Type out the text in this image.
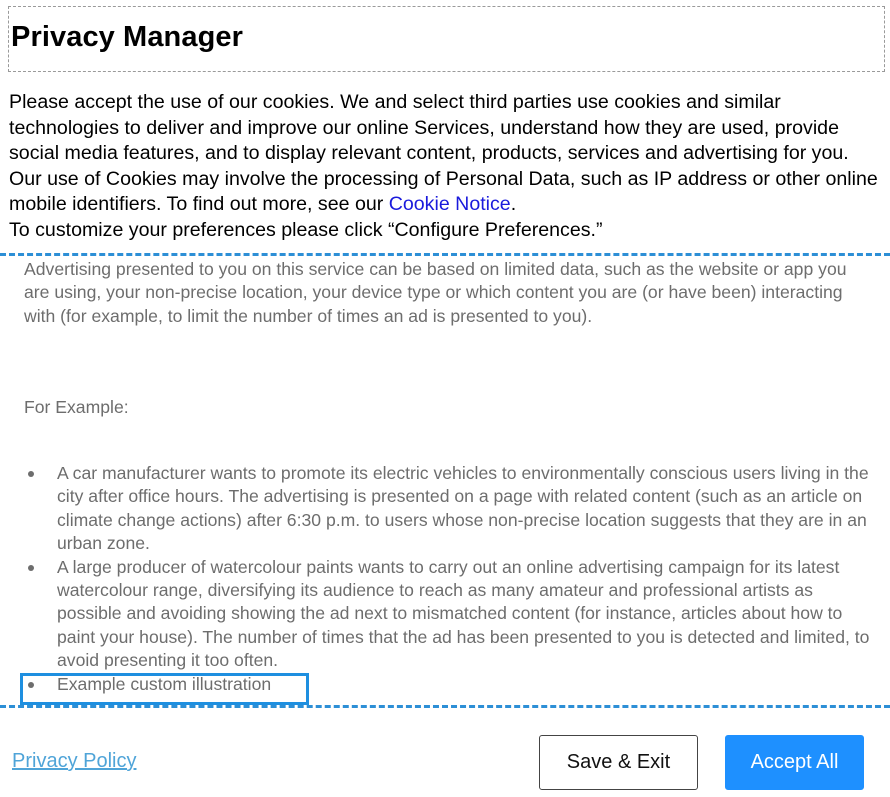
Privacy Manager

Please accept the use of our cookies. We and select third parties use cookies and similar technologies to deliver and improve our online Services, understand how they are used, provide social media features, and to display relevant content, products, services and advertising for you. Our use of Cookies may involve the processing of Personal Data, such as IP address or other online mobile identifiers. To find out more, see our Cookie Notice.
To customize your preferences please click “Configure Preferences.”

Advertising presented to you on this service can be based on limited data, such as the website or app you are using, your non-precise location, your device type or which content you are (or have been) interacting with (for example, to limit the number of times an ad is presented to you).

For Example:

A car manufacturer wants to promote its electric vehicles to environmentally conscious users living in the city after office hours. The advertising is presented on a page with related content (such as an article on climate change actions) after 6:30 p.m. to users whose non-precise location suggests that they are in an urban zone.
A large producer of watercolour paints wants to carry out an online advertising campaign for its latest watercolour range, diversifying its audience to reach as many amateur and professional artists as possible and avoiding showing the ad next to mismatched content (for instance, articles about how to paint your house). The number of times that the ad has been presented to you is detected and limited, to avoid presenting it too often.
Example custom illustration
Privacy Policy	Save & Exit	Accept All
